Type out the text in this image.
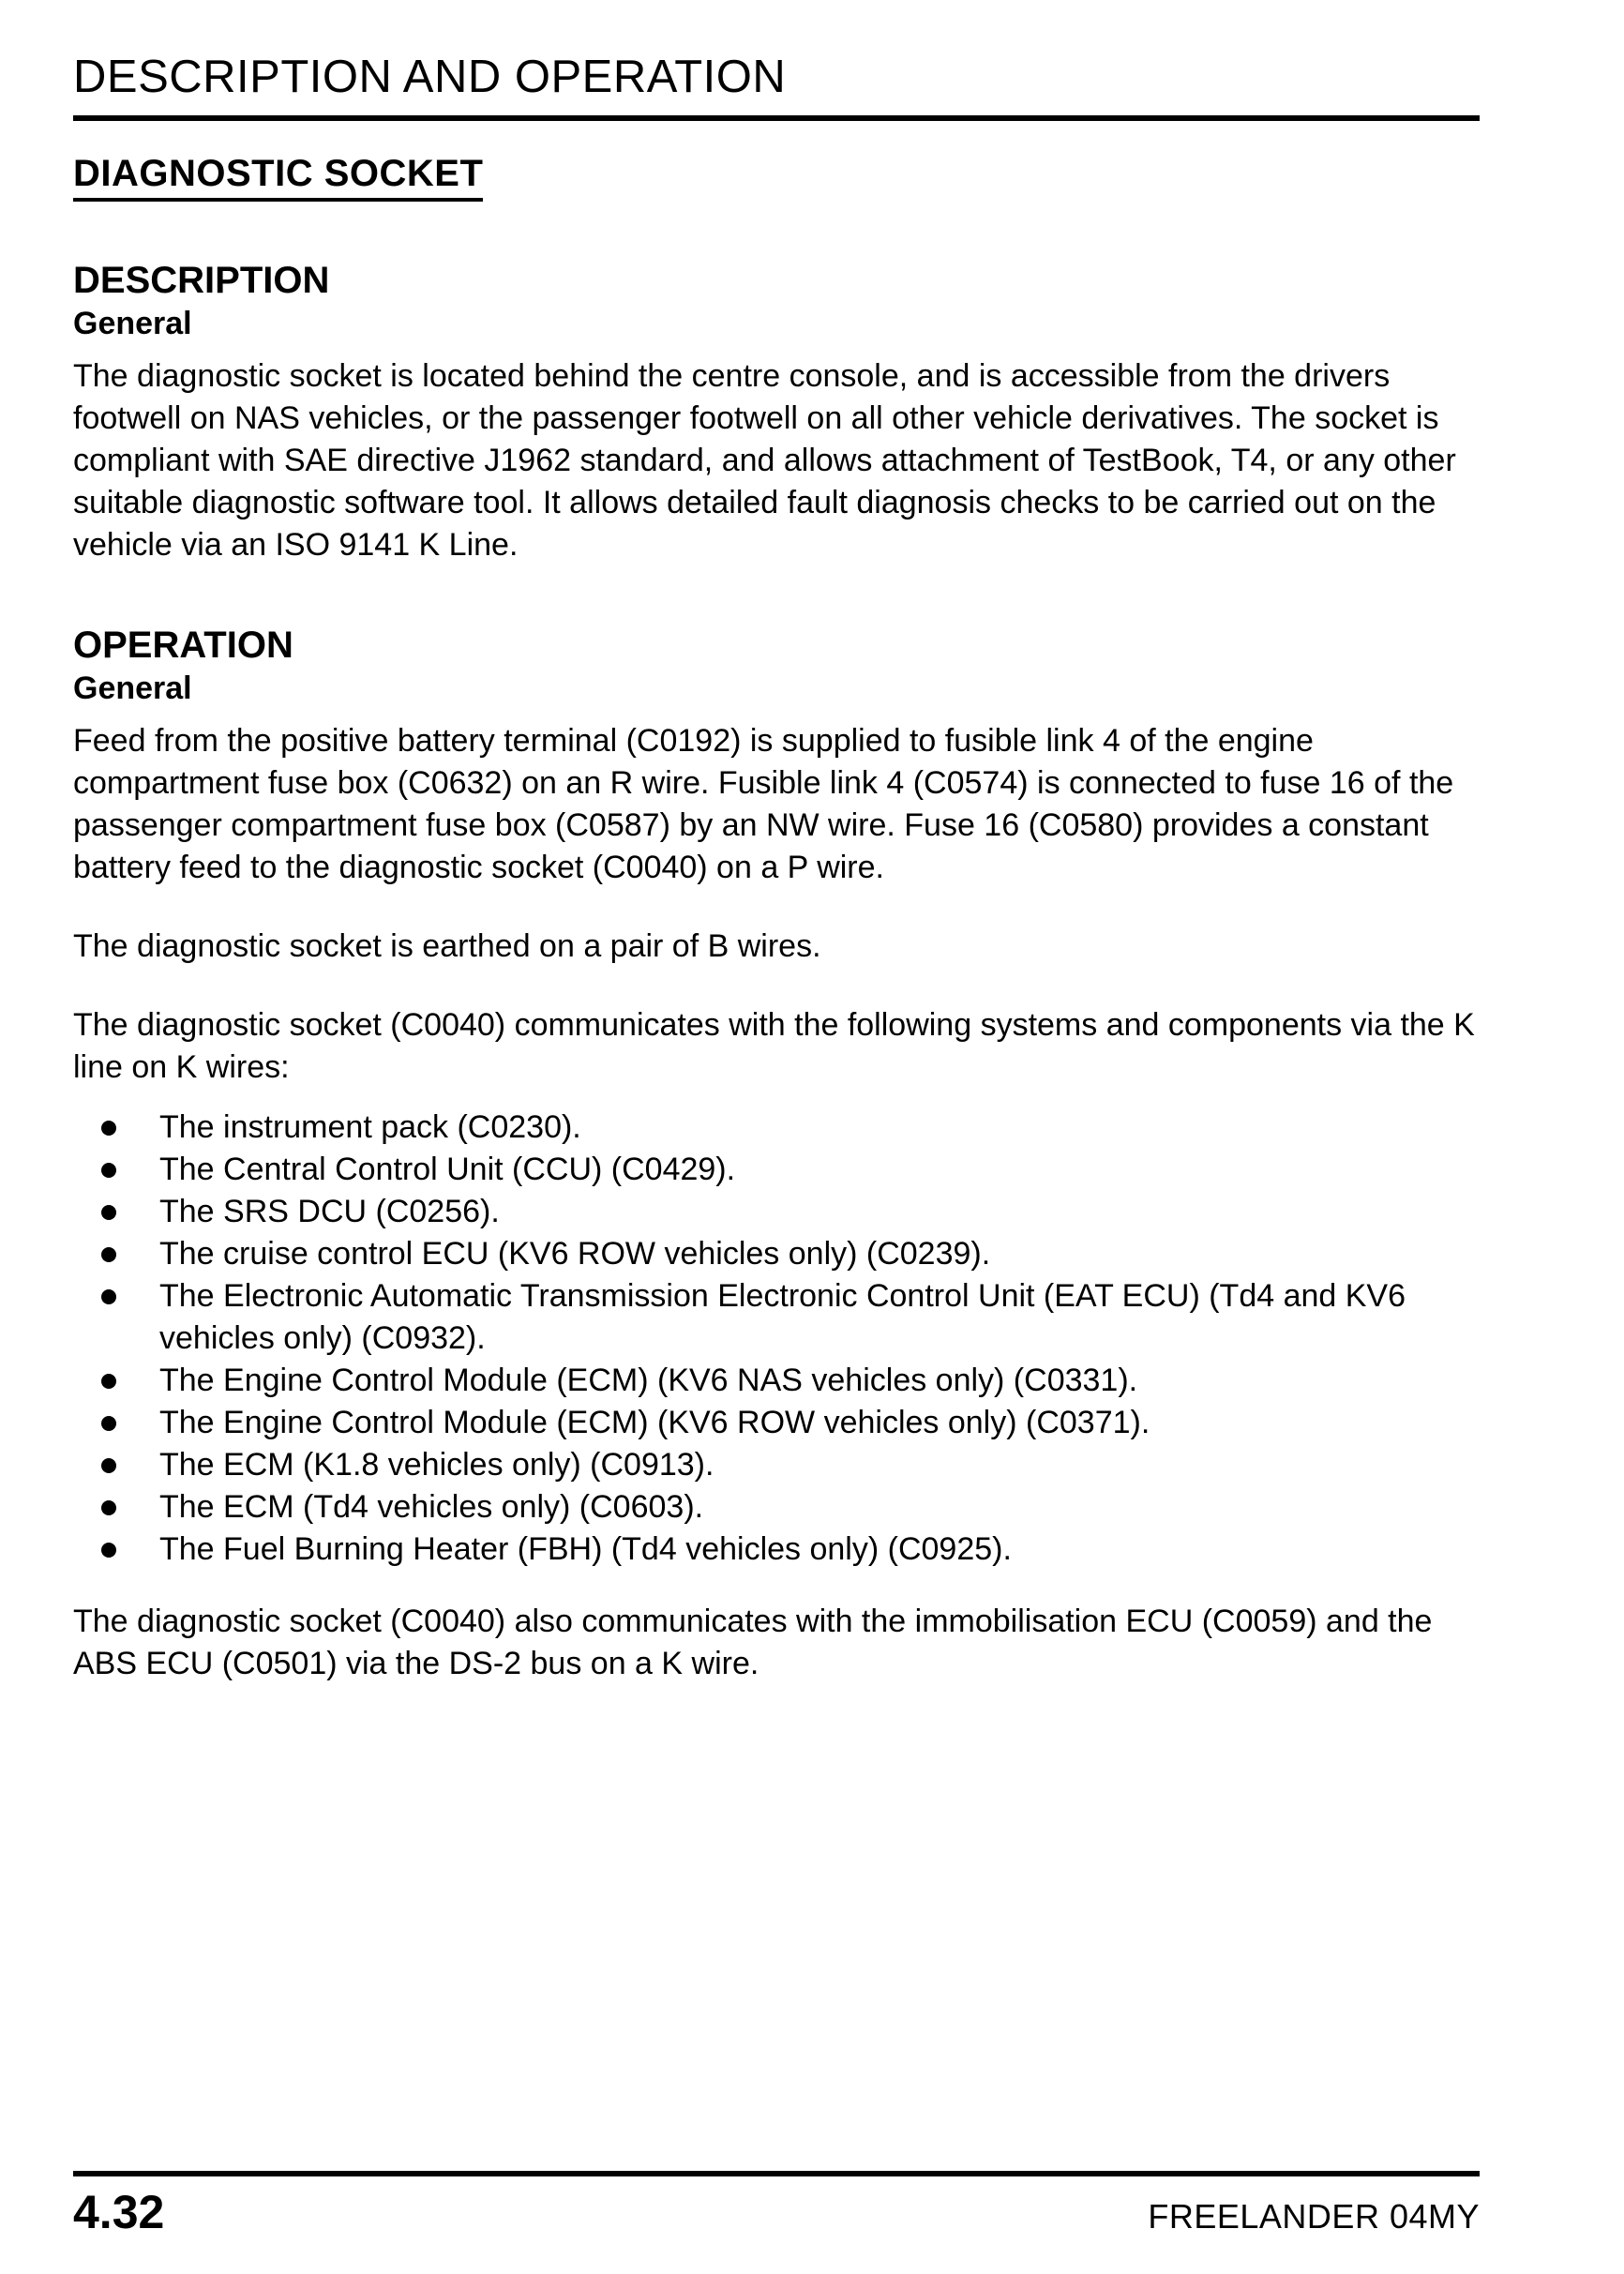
DESCRIPTION AND OPERATION
DIAGNOSTIC SOCKET
DESCRIPTION
General

The diagnostic socket is located behind the centre console, and is accessible from the drivers footwell on NAS vehicles, or the passenger footwell on all other vehicle derivatives. The socket is compliant with SAE directive J1962 standard, and allows attachment of TestBook, T4, or any other suitable diagnostic software tool. It allows detailed fault diagnosis checks to be carried out on the vehicle via an ISO 9141 K Line.

OPERATION
General

Feed from the positive battery terminal (C0192) is supplied to fusible link 4 of the engine compartment fuse box (C0632) on an R wire. Fusible link 4 (C0574) is connected to fuse 16 of the passenger compartment fuse box (C0587) by an NW wire. Fuse 16 (C0580) provides a constant battery feed to the diagnostic socket (C0040) on a P wire.

The diagnostic socket is earthed on a pair of B wires.

The diagnostic socket (C0040) communicates with the following systems and components via the K line on K wires:

The instrument pack (C0230).
The Central Control Unit (CCU) (C0429).
The SRS DCU (C0256).
The cruise control ECU (KV6 ROW vehicles only) (C0239).
The Electronic Automatic Transmission Electronic Control Unit (EAT ECU) (Td4 and KV6 vehicles only) (C0932).
The Engine Control Module (ECM) (KV6 NAS vehicles only) (C0331).
The Engine Control Module (ECM) (KV6 ROW vehicles only) (C0371).
The ECM (K1.8 vehicles only) (C0913).
The ECM (Td4 vehicles only) (C0603).
The Fuel Burning Heater (FBH) (Td4 vehicles only) (C0925).

The diagnostic socket (C0040) also communicates with the immobilisation ECU (C0059) and the ABS ECU (C0501) via the DS-2 bus on a K wire.

4.32	FREELANDER 04MY
